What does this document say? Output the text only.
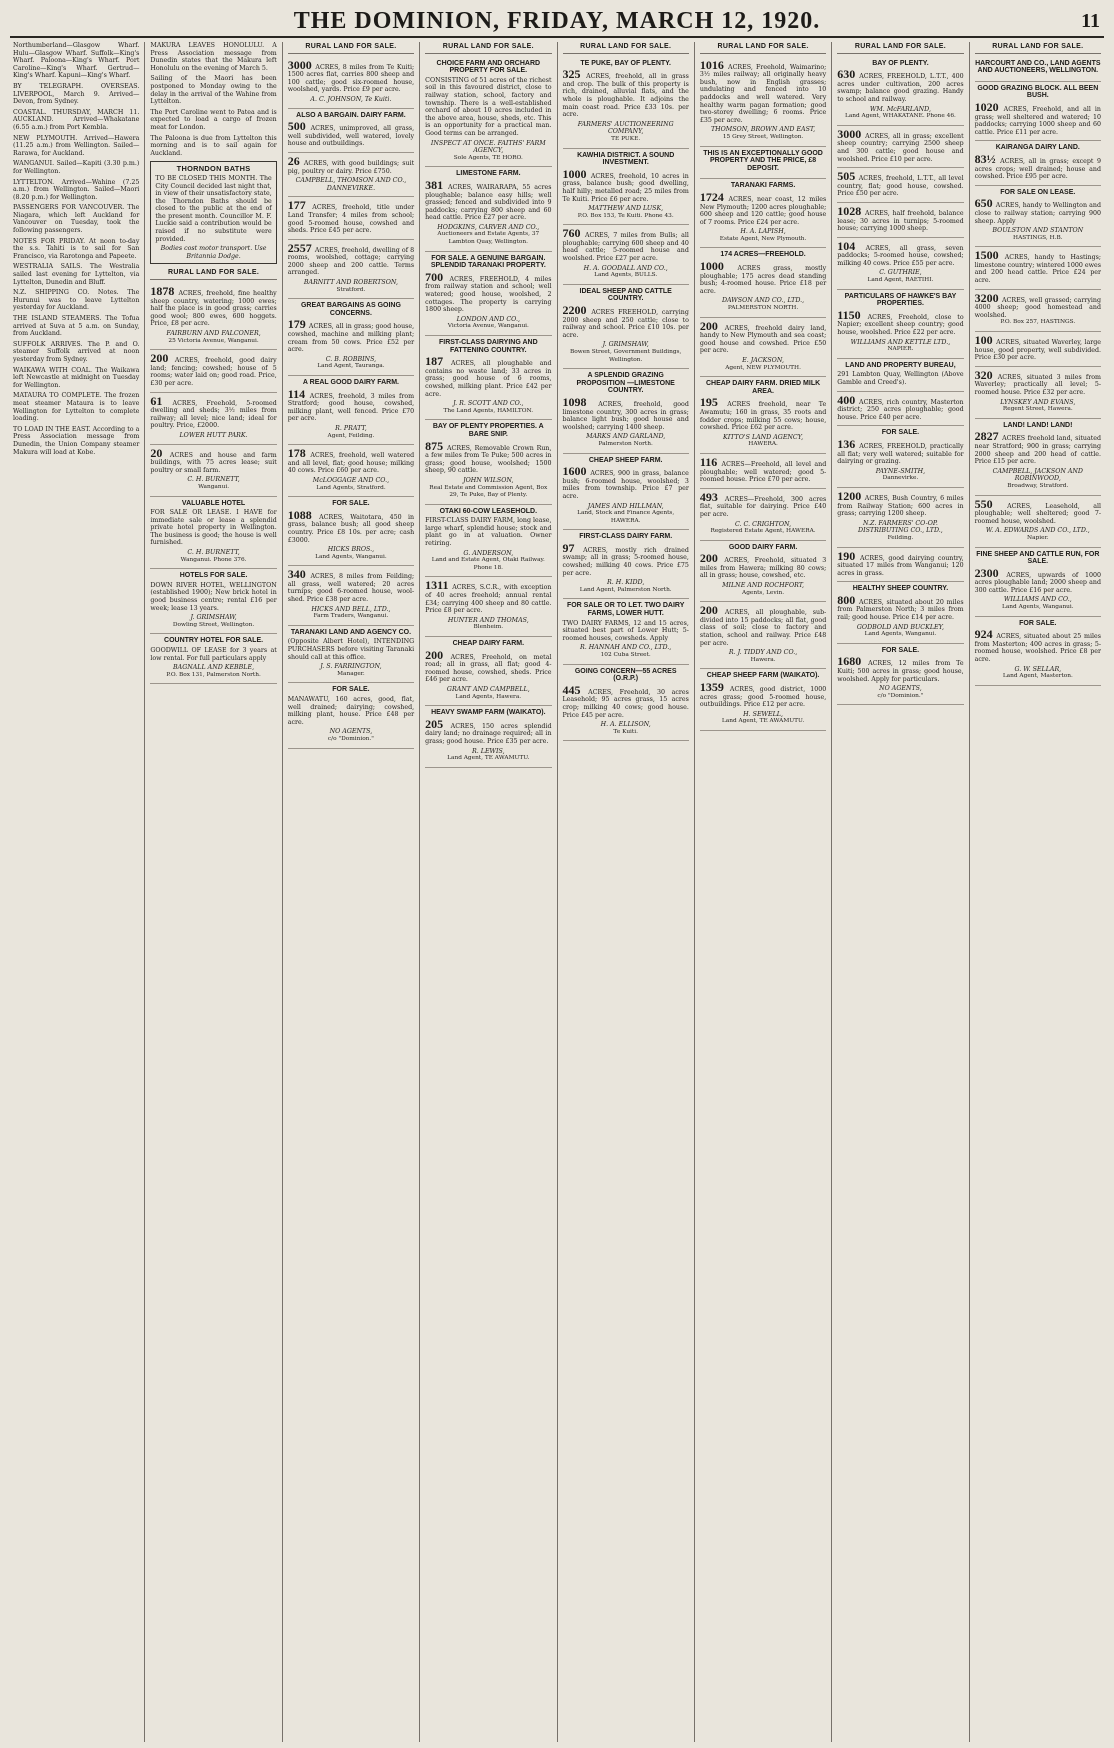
THE DOMINION, FRIDAY, MARCH 12, 1920.	11

Northumberland—Glasgow Wharf. Hulu—Glasgow Wharf. Suffolk—King's Wharf. Paloona—King's Wharf. Port Caroline—King's Wharf. Gertrud—King's Wharf. Kapuni—King's Wharf.

BY TELEGRAPH. OVERSEAS. LIVERPOOL, March 9. Arrived—Devon, from Sydney.

COASTAL. THURSDAY, MARCH 11. AUCKLAND. Arrived—Whakatane (6.55 a.m.) from Port Kembla.

NEW PLYMOUTH. Arrived—Hawera (11.25 a.m.) from Wellington. Sailed—Rarawa, for Auckland.

WANGANUI. Sailed—Kapiti (3.30 p.m.) for Wellington.

LYTTELTON. Arrived—Wahine (7.25 a.m.) from Wellington. Sailed—Maori (8.20 p.m.) for Wellington.

PASSENGERS FOR VANCOUVER. The Niagara, which left Auckland for Vancouver on Tuesday, took the following passengers.

NOTES FOR PRIDAY. At noon to-day the s.s. Tahiti is to sail for San Francisco, via Rarotonga and Papeete.

WESTRALIA SAILS. The Westralia sailed last evening for Lyttelton, via Lyttelton, Dunedin and Bluff.

N.Z. SHIPPING CO. Notes. The Hurunui was to leave Lyttelton yesterday for Auckland.

THE ISLAND STEAMERS. The Tofua arrived at Suva at 5 a.m. on Sunday, from Auckland.

SUFFOLK ARRIVES. The P. and O. steamer Suffolk arrived at noon yesterday from Sydney.

WAIKAWA WITH COAL. The Waikawa left Newcastle at midnight on Tuesday for Wellington.

MATAURA TO COMPLETE. The frozen meat steamer Mataura is to leave Wellington for Lyttelton to complete loading.

TO LOAD IN THE EAST. According to a Press Association message from Dunedin, the Union Company steamer Makura will load at Kobe.

MAKURA LEAVES HONOLULU. A Press Association message from Dunedin states that the Makura left Honolulu on the evening of March 5.

Sailing of the Maori has been postponed to Monday owing to the delay in the arrival of the Wahine from Lyttelton.

The Port Caroline went to Patea and is expected to load a cargo of frozen meat for London.

The Paloona is due from Lyttelton this morning and is to sail again for Auckland.

THORNDON BATHS
TO BE CLOSED THIS MONTH. The City Council decided last night that, in view of their unsatisfactory state, the Thorndon Baths should be closed to the public at the end of the present month. Councillor M. F. Luckie said a contribution would be raised if no substitute were provided.
Bodies cost motor transport. Use Britannia Dodge.
RURAL LAND FOR SALE.
1878 ACRES, freehold, fine healthy sheep country, watering; 1000 ewes; half the place is in good grass; carries good wool; 800 ewes, 600 hoggets. Price, £8 per acre.
FAIRBURN AND FALCONER,
25 Victoria Avenue, Wanganui.
200 ACRES, freehold, good dairy land; fencing; cowshed; house of 5 rooms; water laid on; good road. Price, £30 per acre.
61 ACRES, Freehold, 5-roomed dwelling and sheds; 3½ miles from railway; all level; nice land; ideal for poultry. Price, £2000.
LOWER HUTT PARK.
20 ACRES and house and farm buildings, with 75 acres lease; suit poultry or small farm.
C. H. BURNETT,
Wanganui.
VALUABLE HOTEL
FOR SALE OR LEASE. I HAVE for immediate sale or lease a splendid private hotel property in Wellington. The business is good; the house is well furnished.
C. H. BURNETT,
Wanganui. Phone 376.
HOTELS FOR SALE.
DOWN RIVER HOTEL, WELLINGTON (established 1900); New brick hotel in good business centre; rental £16 per week; lease 13 years.
J. GRIMSHAW,
Dowling Street, Wellington.
COUNTRY HOTEL FOR SALE.
GOODWILL OF LEASE for 3 years at low rental. For full particulars apply
BAGNALL AND KEBBLE,
P.O. Box 131, Palmerston North.
RURAL LAND FOR SALE.
3000 ACRES, 8 miles from Te Kuiti; 1500 acres flat, carries 800 sheep and 100 cattle; good six-roomed house, woolshed, yards. Price £9 per acre.
A. C. JOHNSON, Te Kuiti.
ALSO A BARGAIN. DAIRY FARM.
500 ACRES, unimproved, all grass, well subdivided, well watered, lovely house and outbuildings.
26 ACRES, with good buildings; suit pig, poultry or dairy. Price £750.
CAMPBELL, THOMSON AND CO., DANNEVIRKE.
177 ACRES, freehold, title under Land Transfer; 4 miles from school; good 5-roomed house, cowshed and sheds. Price £45 per acre.
2557 ACRES, freehold, dwelling of 8 rooms, woolshed, cottage; carrying 2000 sheep and 200 cattle. Terms arranged.
BARNITT AND ROBERTSON,
Stratford.
GREAT BARGAINS AS GOING CONCERNS.
179 ACRES, all in grass; good house, cowshed, machine and milking plant; cream from 50 cows. Price £52 per acre.
C. B. ROBBINS,
Land Agent, Tauranga.
A REAL GOOD DAIRY FARM.
114 ACRES, freehold, 3 miles from Stratford; good house, cowshed, milking plant, well fenced. Price £70 per acre.
R. PRATT,
Agent, Feilding.
178 ACRES, freehold, well watered and all level, flat; good house; milking 40 cows. Price £60 per acre.
McLOGGAGE AND CO.,
Land Agents, Stratford.
FOR SALE.
1088 ACRES, Waitotara, 450 in grass, balance bush; all good sheep country. Price £8 10s. per acre; cash £3000.
HICKS BROS.,
Land Agents, Wanganui.
340 ACRES, 8 miles from Feilding; all grass, well watered; 20 acres turnips; good 6-roomed house, wool-shed. Price £38 per acre.
HICKS AND BELL, LTD.,
Farm Traders, Wanganui.
TARANAKI LAND AND AGENCY CO.
(Opposite Albert Hotel), INTENDING PURCHASERS before visiting Taranaki should call at this office.
J. S. FARRINGTON,
Manager.
FOR SALE.
MANAWATU, 160 acres, good, flat, well drained; dairying; cowshed, milking plant, house. Price £48 per acre.
NO AGENTS,
c/o "Dominion."
RURAL LAND FOR SALE.
CHOICE FARM AND ORCHARD PROPERTY FOR SALE.
CONSISTING of 51 acres of the richest soil in this favoured district, close to railway station, school, factory and township. There is a well-established orchard of about 10 acres included in the above area, house, sheds, etc. This is an opportunity for a practical man. Good terms can be arranged.
INSPECT AT ONCE. FAITHS' FARM AGENCY,
Sole Agents, TE HORO.
LIMESTONE FARM.
381 ACRES, WAIRARAPA, 55 acres ploughable; balance easy hills; well grassed; fenced and subdivided into 9 paddocks; carrying 800 sheep and 60 head cattle. Price £27 per acre.
HODGKINS, CARVER AND CO.,
Auctioneers and Estate Agents, 37 Lambton Quay, Wellington.
FOR SALE. A GENUINE BARGAIN. SPLENDID TARANAKI PROPERTY.
700 ACRES, FREEHOLD, 4 miles from railway station and school; well watered; good house, woolshed, 2 cottages. The property is carrying 1800 sheep.
LONDON AND CO.,
Victoria Avenue, Wanganui.
FIRST-CLASS DAIRYING AND FATTENING COUNTRY.
187 ACRES, all ploughable and contains no waste land; 33 acres in grass; good house of 6 rooms, cowshed, milking plant. Price £42 per acre.
J. R. SCOTT AND CO.,
The Land Agents, HAMILTON.
BAY OF PLENTY PROPERTIES. A BARE SNIP.
875 ACRES, Removable Crown Run, a few miles from Te Puke; 500 acres in grass; good house, woolshed; 1500 sheep, 90 cattle.
JOHN WILSON,
Real Estate and Commission Agent, Box 29, Te Puke, Bay of Plenty.
OTAKI 60-COW LEASEHOLD.
FIRST-CLASS DAIRY FARM, long lease, large wharf, splendid house; stock and plant go in at valuation. Owner retiring.
G. ANDERSON,
Land and Estate Agent, Otaki Railway. Phone 18.
1311 ACRES, S.C.R., with exception of 40 acres freehold; annual rental £34; carrying 400 sheep and 80 cattle. Price £8 per acre.
HUNTER AND THOMAS,
Blenheim.
CHEAP DAIRY FARM.
200 ACRES, Freehold, on metal road; all in grass, all flat; good 4-roomed house, cowshed, sheds. Price £46 per acre.
GRANT AND CAMPBELL,
Land Agents, Hawera.
HEAVY SWAMP FARM (WAIKATO).
205 ACRES, 150 acres splendid dairy land; no drainage required; all in grass; good house. Price £35 per acre.
R. LEWIS,
Land Agent, TE AWAMUTU.
RURAL LAND FOR SALE.
TE PUKE, BAY OF PLENTY.
325 ACRES, freehold, all in grass and crop. The bulk of this property is rich, drained, alluvial flats, and the whole is ploughable. It adjoins the main coast road. Price £33 10s. per acre.
FARMERS' AUCTIONEERING COMPANY,
TE PUKE.
KAWHIA DISTRICT. A SOUND INVESTMENT.
1000 ACRES, freehold, 10 acres in grass, balance bush; good dwelling, half hilly; metalled road; 25 miles from Te Kuiti. Price £6 per acre.
MATTHEW AND LUSK,
P.O. Box 153, Te Kuiti. Phone 43.
760 ACRES, 7 miles from Bulls; all ploughable; carrying 600 sheep and 40 head cattle; 5-roomed house and woolshed. Price £27 per acre.
H. A. GOODALL AND CO.,
Land Agents, BULLS.
IDEAL SHEEP AND CATTLE COUNTRY.
2200 ACRES FREEHOLD, carrying 2000 sheep and 250 cattle; close to railway and school. Price £10 10s. per acre.
J. GRIMSHAW,
Bowen Street, Government Buildings, Wellington.
A SPLENDID GRAZING PROPOSITION —LIMESTONE COUNTRY.
1098 ACRES, freehold, good limestone country, 300 acres in grass; balance light bush; good house and woolshed; carrying 1400 sheep.
MARKS AND GARLAND,
Palmerston North.
CHEAP SHEEP FARM.
1600 ACRES, 900 in grass, balance bush; 6-roomed house, woolshed; 3 miles from township. Price £7 per acre.
JAMES AND HILLMAN,
Land, Stock and Finance Agents, HAWERA.
FIRST-CLASS DAIRY FARM.
97 ACRES, mostly rich drained swamp; all in grass; 5-roomed house, cowshed; milking 40 cows. Price £75 per acre.
R. H. KIDD,
Land Agent, Palmerston North.
FOR SALE OR TO LET. TWO DAIRY FARMS, LOWER HUTT.
TWO DAIRY FARMS, 12 and 15 acres, situated best part of Lower Hutt; 5-roomed houses, cowsheds. Apply
R. HANNAH AND CO., LTD.,
102 Cuba Street.
GOING CONCERN—55 ACRES (O.R.P.)
445 ACRES, Freehold, 30 acres Leasehold; 95 acres grass, 15 acres crop; milking 40 cows; good house. Price £45 per acre.
H. A. ELLISON,
Te Kuiti.
RURAL LAND FOR SALE.
1016 ACRES, Freehold, Waimarino; 3½ miles railway; all originally heavy bush, now in English grasses; undulating and fenced into 10 paddocks and well watered. Very healthy warm pagan formation; good two-storey dwelling; 6 rooms. Price £35 per acre.
THOMSON, BROWN AND EAST,
15 Grey Street, Wellington.
THIS IS AN EXCEPTIONALLY GOOD PROPERTY AND THE PRICE, £8 DEPOSIT.
TARANAKI FARMS.
1724 ACRES, near coast, 12 miles New Plymouth; 1200 acres ploughable; 600 sheep and 120 cattle; good house of 7 rooms. Price £24 per acre.
H. A. LAPISH,
Estate Agent, New Plymouth.
174 ACRES—FREEHOLD.
1000 ACRES grass, mostly ploughable; 175 acres dead standing bush; 4-roomed house. Price £18 per acre.
DAWSON AND CO., LTD.,
PALMERSTON NORTH.
200 ACRES, freehold dairy land, handy to New Plymouth and sea coast; good house and cowshed. Price £50 per acre.
E. JACKSON,
Agent, NEW PLYMOUTH.
CHEAP DAIRY FARM. DRIED MILK AREA.
195 ACRES freehold, near Te Awamutu; 160 in grass, 35 roots and fodder crops; milking 55 cows; house, cowshed. Price £62 per acre.
KITTO'S LAND AGENCY,
HAWERA.
116 ACRES—Freehold, all level and ploughable; well watered; good 5-roomed house. Price £70 per acre.
493 ACRES—Freehold, 300 acres flat, suitable for dairying. Price £40 per acre.
C. C. CRIGHTON,
Registered Estate Agent, HAWERA.
GOOD DAIRY FARM.
200 ACRES, Freehold, situated 3 miles from Hawera; milking 80 cows; all in grass; house, cowshed, etc.
MILNE AND ROCHFORT,
Agents, Levin.
200 ACRES, all ploughable, sub-divided into 15 paddocks; all flat, good class of soil; close to factory and station, school and railway. Price £48 per acre.
R. J. TIDDY AND CO.,
Hawera.
CHEAP SHEEP FARM (WAIKATO).
1359 ACRES, good district, 1000 acres grass; good 5-roomed house, outbuildings. Price £12 per acre.
H. SEWELL,
Land Agent, TE AWAMUTU.
RURAL LAND FOR SALE.
BAY OF PLENTY.
630 ACRES, FREEHOLD, L.T.T., 400 acres under cultivation, 200 acres swamp; balance good grazing. Handy to school and railway.
WM. McFARLAND,
Land Agent, WHAKATANE. Phone 46.
3000 ACRES, all in grass; excellent sheep country; carrying 2500 sheep and 300 cattle; good house and woolshed. Price £10 per acre.
505 ACRES, freehold, L.T.T., all level country, flat; good house, cowshed. Price £50 per acre.
1028 ACRES, half freehold, balance lease; 30 acres in turnips; 5-roomed house; carrying 1000 sheep.
104 ACRES, all grass, seven paddocks; 5-roomed house, cowshed; milking 40 cows. Price £55 per acre.
C. GUTHRIE,
Land Agent, RAETIHI.
PARTICULARS OF HAWKE'S BAY PROPERTIES.
1150 ACRES, Freehold, close to Napier; excellent sheep country; good house, woolshed. Price £22 per acre.
WILLIAMS AND KETTLE LTD.,
NAPIER.
LAND AND PROPERTY BUREAU,
291 Lambton Quay, Wellington (Above Gamble and Creed's).
400 ACRES, rich country, Masterton district; 250 acres ploughable; good house. Price £40 per acre.
FOR SALE.
136 ACRES, FREEHOLD, practically all flat; very well watered; suitable for dairying or grazing.
PAYNE-SMITH,
Dannevirke.
1200 ACRES, Bush Country, 6 miles from Railway Station; 600 acres in grass; carrying 1200 sheep.
N.Z. FARMERS' CO-OP. DISTRIBUTING CO., LTD.,
Feilding.
190 ACRES, good dairying country, situated 17 miles from Wanganui; 120 acres in grass.
HEALTHY SHEEP COUNTRY.
800 ACRES, situated about 20 miles from Palmerston North; 3 miles from rail; good house. Price £14 per acre.
GODBOLD AND BUCKLEY,
Land Agents, Wanganui.
FOR SALE.
1680 ACRES, 12 miles from Te Kuiti; 500 acres in grass; good house, woolshed. Apply for particulars.
NO AGENTS,
c/o "Dominion."
RURAL LAND FOR SALE.
HARCOURT AND CO., LAND AGENTS AND AUCTIONEERS, WELLINGTON.
GOOD GRAZING BLOCK. ALL BEEN BUSH.
1020 ACRES, Freehold, and all in grass; well sheltered and watered; 10 paddocks; carrying 1000 sheep and 60 cattle. Price £11 per acre.
KAIRANGA DAIRY LAND.
83½ ACRES, all in grass; except 9 acres crops; well drained; house and cowshed. Price £95 per acre.
FOR SALE ON LEASE.
650 ACRES, handy to Wellington and close to railway station; carrying 900 sheep. Apply
BOULSTON AND STANTON
HASTINGS, H.B.
1500 ACRES, handy to Hastings; limestone country; wintered 1000 ewes and 200 head cattle. Price £24 per acre.
3200 ACRES, well grassed; carrying 4000 sheep; good homestead and woolshed.
P.O. Box 257, HASTINGS.
100 ACRES, situated Waverley, large house, good property, well subdivided. Price £30 per acre.
320 ACRES, situated 3 miles from Waverley; practically all level; 5-roomed house. Price £32 per acre.
LYNSKEY AND EVANS,
Regent Street, Hawera.
LAND! LAND! LAND!
2827 ACRES freehold land, situated near Stratford; 900 in grass; carrying 2000 sheep and 200 head of cattle. Price £15 per acre.
CAMPBELL, JACKSON AND ROBINWOOD,
Broadway, Stratford.
550 ACRES, Leasehold, all ploughable; well sheltered; good 7-roomed house, woolshed.
W. A. EDWARDS AND CO., LTD.,
Napier.
FINE SHEEP AND CATTLE RUN, FOR SALE.
2300 ACRES, upwards of 1000 acres ploughable land; 2000 sheep and 300 cattle. Price £16 per acre.
WILLIAMS AND CO.,
Land Agents, Wanganui.
FOR SALE.
924 ACRES, situated about 25 miles from Masterton; 400 acres in grass; 5-roomed house, woolshed. Price £8 per acre.
G. W. SELLAR,
Land Agent, Masterton.
